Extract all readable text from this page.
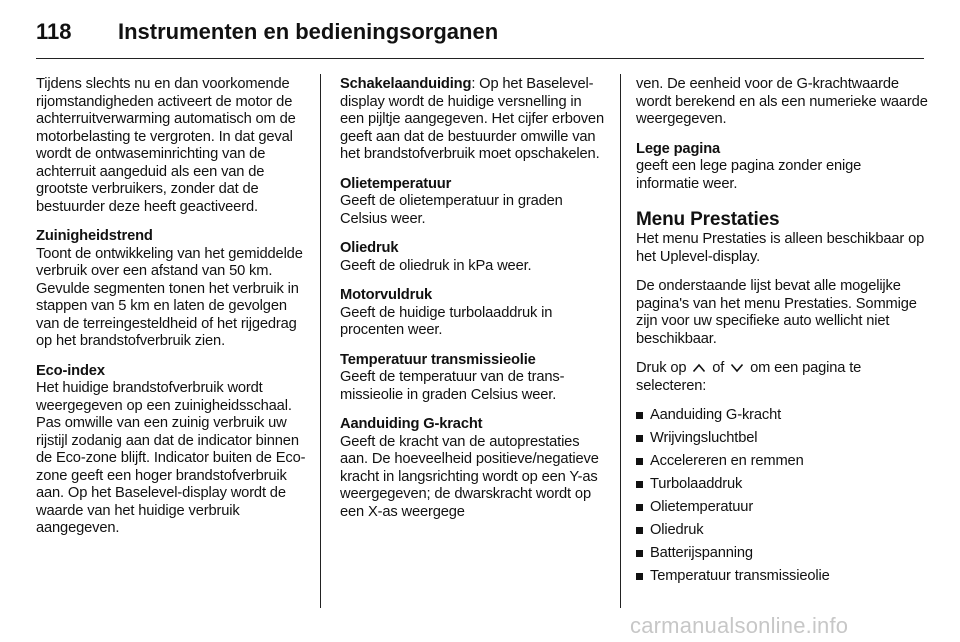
118 Instrumenten en bedieningsorganen

Tijdens slechts nu en dan voorkomende rijomstandigheden activeert de motor de achterruitverwarming automatisch om de motorbelasting te vergroten. In dat geval wordt de ontwaseminrichting van de achterruit aangeduid als een van de grootste verbruikers, zonder dat de bestuurder deze heeft geactiveerd.

Zuinigheidstrend
Toont de ontwikkeling van het gemiddelde verbruik over een afstand van 50 km. Gevulde segmenten tonen het verbruik in stappen van 5 km en laten de gevolgen van de terreingesteldheid of het rijgedrag op het brandstofverbruik zien.

Eco-index
Het huidige brandstofverbruik wordt weergegeven op een zuinigheidsschaal. Pas omwille van een zuinig verbruik uw rijstijl zodanig aan dat de indicator binnen de Eco-zone blijft. Indicator buiten de Eco-zone geeft een hoger brandstofverbruik aan. Op het Baselevel-display wordt de waarde van het huidige verbruik aangegeven.

Schakelaanduiding: Op het Baselevel-display wordt de huidige versnelling in een pijltje aangegeven. Het cijfer erboven geeft aan dat de bestuurder omwille van het brandstofverbruik moet opschakelen.

Olietemperatuur
Geeft de olietemperatuur in graden Celsius weer.

Oliedruk
Geeft de oliedruk in kPa weer.

Motorvuldruk
Geeft de huidige turbolaaddruk in procenten weer.

Temperatuur transmissieolie
Geeft de temperatuur van de transmissieolie in graden Celsius weer.

Aanduiding G-kracht
Geeft de kracht van de autoprestaties aan. De hoeveelheid positieve/negatieve kracht in langsrichting wordt op een Y-as weergegeven; de dwarskracht wordt op een X-as weergege

ven. De eenheid voor de G-krachtwaarde wordt berekend en als een numerieke waarde weergegeven.

Lege pagina
geeft een lege pagina zonder enige informatie weer.

Menu Prestaties

Het menu Prestaties is alleen beschikbaar op het Uplevel-display.

De onderstaande lijst bevat alle mogelijke pagina's van het menu Prestaties. Sommige zijn voor uw specifieke auto wellicht niet beschikbaar.

Druk op of om een pagina te selecteren:

Aanduiding G-kracht
Wrijvingsluchtbel
Accelereren en remmen
Turbolaaddruk
Olietemperatuur
Oliedruk
Batterijspanning
Temperatuur transmissieolie
carmanualsonline.info
